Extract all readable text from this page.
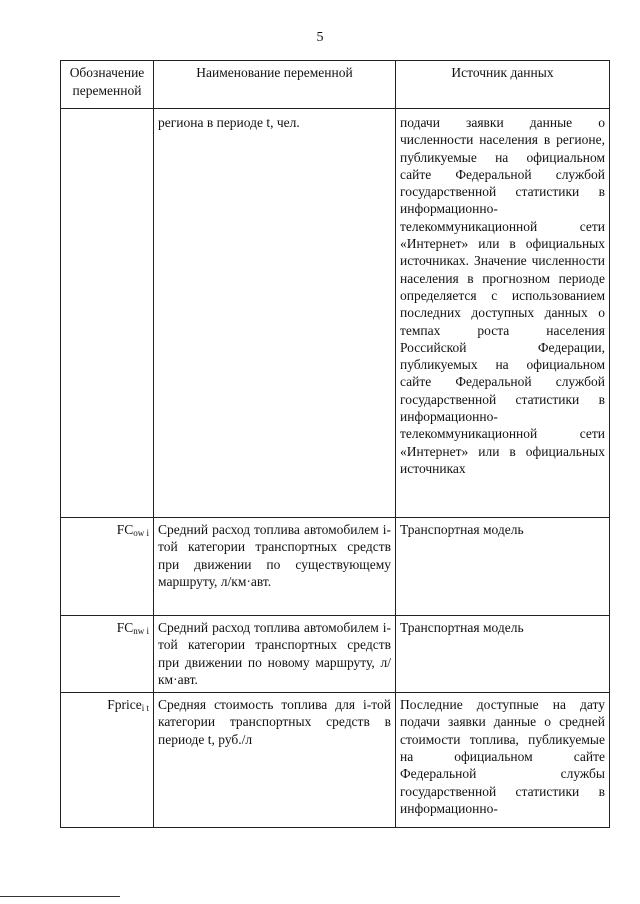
5
Обозначение переменной	Наименование переменной	Источник данных
	региона в периоде t, чел.	подачи заявки данные о численности населения в регионе, публикуемые на официальном сайте Федеральной службой государственной статистики в информационно-телекоммуникационной сети «Интернет» или в официальных источниках. Значение численности населения в прогнозном периоде определяется с использованием последних доступных данных о темпах роста населения Российской Федерации, публикуемых на официальном сайте Федеральной службой государственной статистики в информационно-телекоммуникационной сети «Интернет» или в официальных источниках
$FC_{ow i}$	Средний расход топлива автомобилем i-той категории транспортных средств при движении по существующему маршруту, л/км·авт.	Транспортная модель
$FC_{nw i}$	Средний расход топлива автомобилем i-той категории транспортных средств при движении по новому маршруту, л/км·авт.	Транспортная модель
Fprice$_{i t}$	Средняя стоимость топлива для i-той категории транспортных средств в периоде t, руб./л	Последние доступные на дату подачи заявки данные о средней стоимости топлива, публикуемые на официальном сайте Федеральной службы государственной статистики в информационно-
